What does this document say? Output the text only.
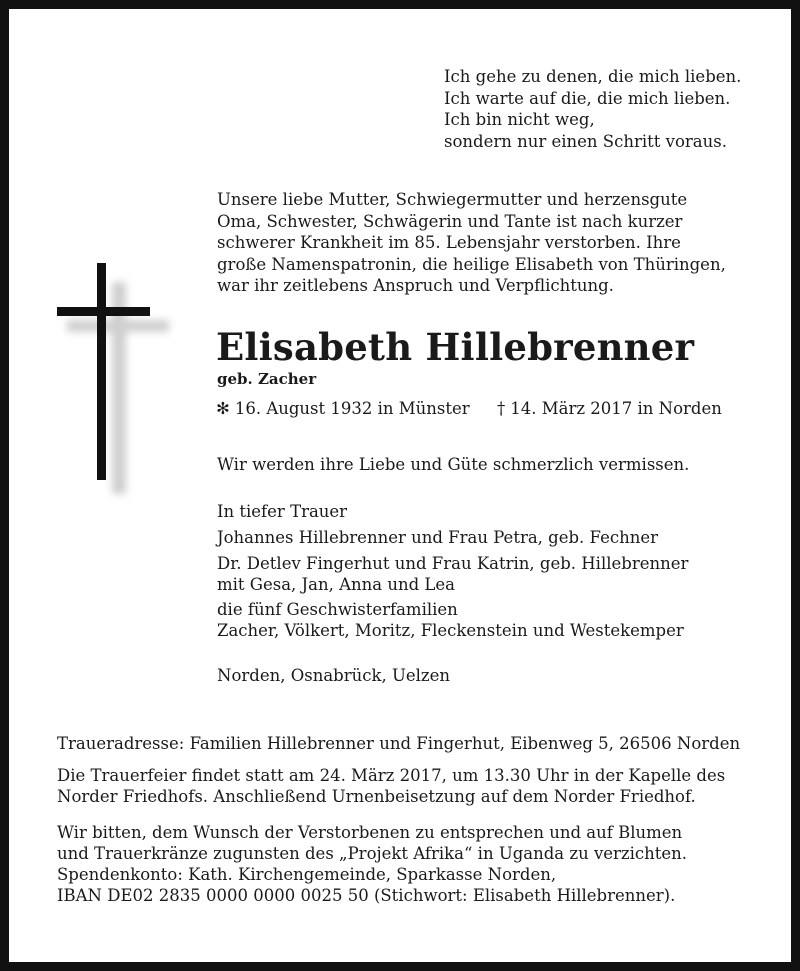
Ich gehe zu denen, die mich lieben.
Ich warte auf die, die mich lieben.
Ich bin nicht weg,
sondern nur einen Schritt voraus.
Unsere liebe Mutter, Schwiegermutter und herzensgute
Oma, Schwester, Schwägerin und Tante ist nach kurzer
schwerer Krankheit im 85. Lebensjahr verstorben. Ihre
große Namenspatronin, die heilige Elisabeth von Thüringen,
war ihr zeitlebens Anspruch und Verpflichtung.
Elisabeth Hillebrenner
geb. Zacher
✻ 16. August 1932 in Münster † 14. März 2017 in Norden
Wir werden ihre Liebe und Güte schmerzlich vermissen.
In tiefer Trauer
Johannes Hillebrenner und Frau Petra, geb. Fechner
Dr. Detlev Fingerhut und Frau Katrin, geb. Hillebrenner
mit Gesa, Jan, Anna und Lea
die fünf Geschwisterfamilien
Zacher, Völkert, Moritz, Fleckenstein und Westekemper
Norden, Osnabrück, Uelzen
Traueradresse: Familien Hillebrenner und Fingerhut, Eibenweg 5, 26506 Norden
Die Trauerfeier findet statt am 24. März 2017, um 13.30 Uhr in der Kapelle des
Norder Friedhofs. Anschließend Urnenbeisetzung auf dem Norder Friedhof.
Wir bitten, dem Wunsch der Verstorbenen zu entsprechen und auf Blumen
und Trauerkränze zugunsten des „Projekt Afrika“ in Uganda zu verzichten.
Spendenkonto: Kath. Kirchengemeinde, Sparkasse Norden,
IBAN DE02 2835 0000 0000 0025 50 (Stichwort: Elisabeth Hillebrenner).
